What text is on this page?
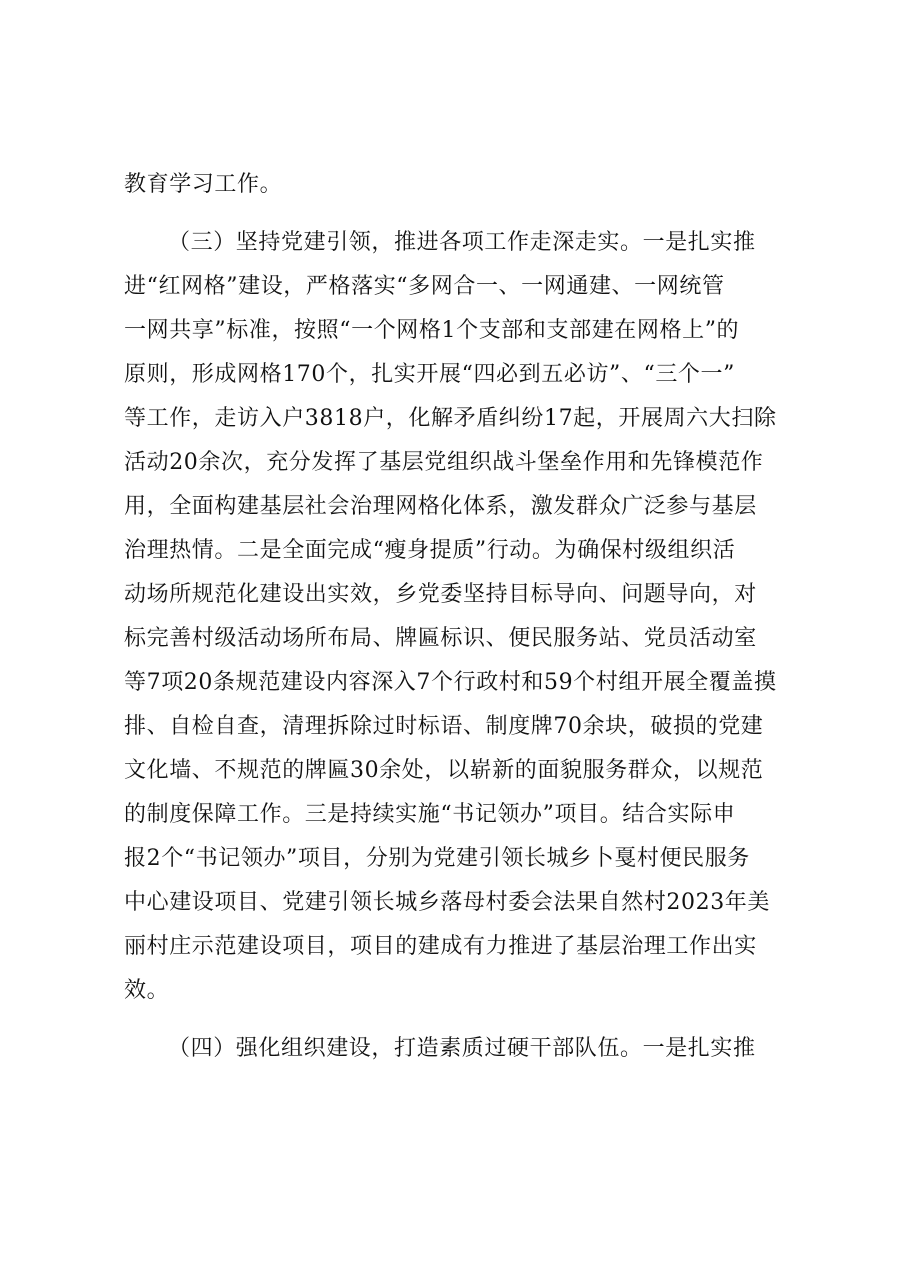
教育学习工作。
（三）坚持党建引领，推进各项工作走深走实。一是扎实推
进“红网格”建设，严格落实“多网合一、一网通建、一网统管
一网共享”标准，按照“一个网格1个支部和支部建在网格上”的
原则，形成网格170个，扎实开展“四必到五必访”、“三个一”
等工作，走访入户3818户，化解矛盾纠纷17起，开展周六大扫除
活动20余次，充分发挥了基层党组织战斗堡垒作用和先锋模范作
用，全面构建基层社会治理网格化体系，激发群众广泛参与基层
治理热情。二是全面完成“瘦身提质”行动。为确保村级组织活
动场所规范化建设出实效，乡党委坚持目标导向、问题导向，对
标完善村级活动场所布局、牌匾标识、便民服务站、党员活动室
等7项20条规范建设内容深入7个行政村和59个村组开展全覆盖摸
排、自检自查，清理拆除过时标语、制度牌70余块，破损的党建
文化墙、不规范的牌匾30余处，以崭新的面貌服务群众，以规范
的制度保障工作。三是持续实施“书记领办”项目。结合实际申
报2个“书记领办”项目，分别为党建引领长城乡卜戛村便民服务
中心建设项目、党建引领长城乡落母村委会法果自然村2023年美
丽村庄示范建设项目，项目的建成有力推进了基层治理工作出实
效。
（四）强化组织建设，打造素质过硬干部队伍。一是扎实推
